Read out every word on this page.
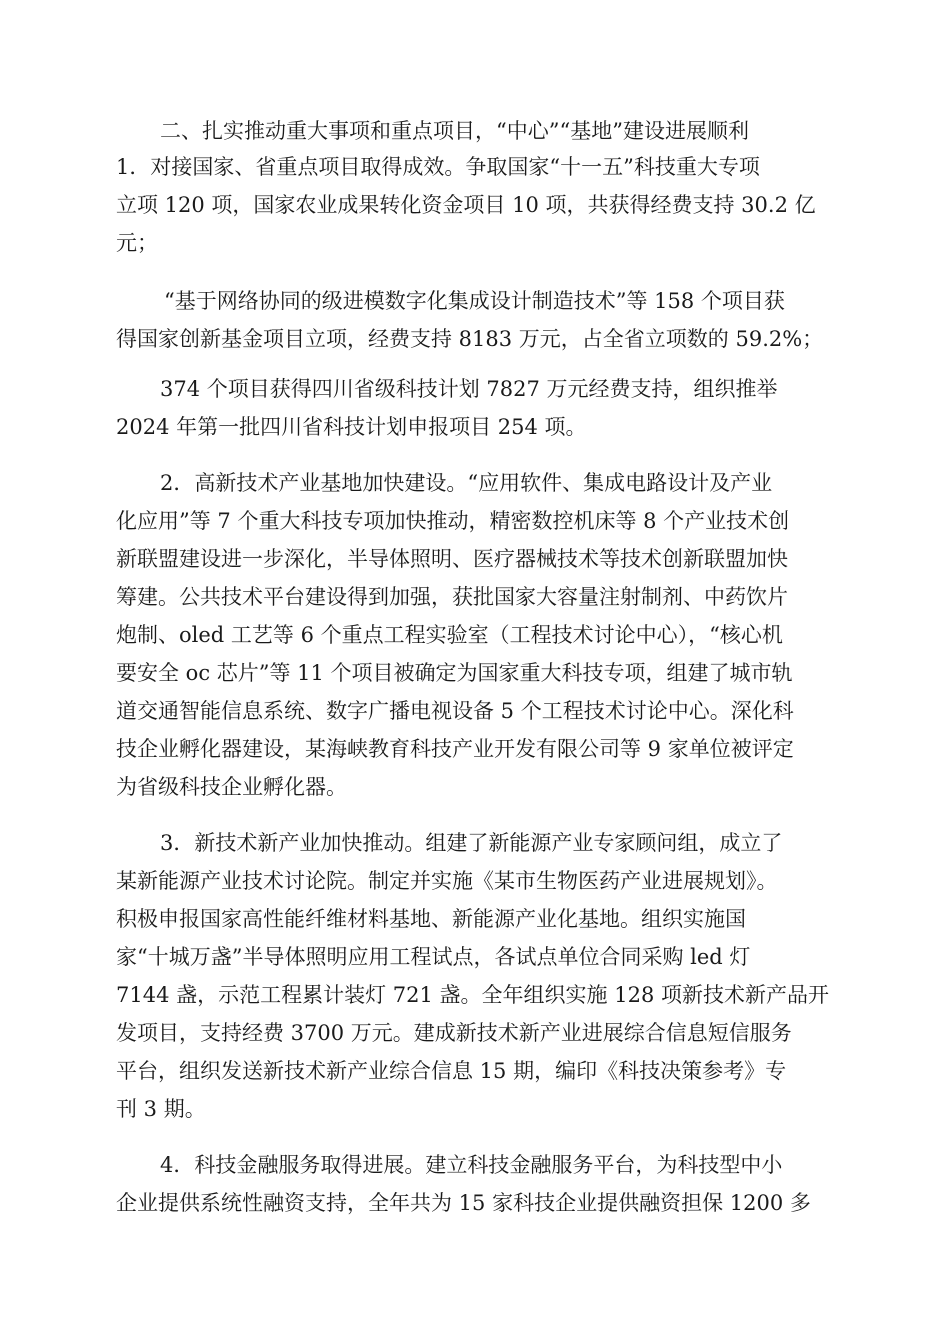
二、扎实推动重大事项和重点项目，“中心”“基地”建设进展顺利
1．对接国家、省重点项目取得成效。争取国家“十一五”科技重大专项
立项 120 项，国家农业成果转化资金项目 10 项，共获得经费支持 30.2 亿
元；
“基于网络协同的级进模数字化集成设计制造技术”等 158 个项目获
得国家创新基金项目立项，经费支持 8183 万元，占全省立项数的 59.2%；
374 个项目获得四川省级科技计划 7827 万元经费支持，组织推举
2024 年第一批四川省科技计划申报项目 254 项。
2．高新技术产业基地加快建设。“应用软件、集成电路设计及产业
化应用”等 7 个重大科技专项加快推动，精密数控机床等 8 个产业技术创
新联盟建设进一步深化，半导体照明、医疗器械技术等技术创新联盟加快
筹建。公共技术平台建设得到加强，获批国家大容量注射制剂、中药饮片
炮制、oled 工艺等 6 个重点工程实验室（工程技术讨论中心），“核心机
要安全 oc 芯片”等 11 个项目被确定为国家重大科技专项，组建了城市轨
道交通智能信息系统、数字广播电视设备 5 个工程技术讨论中心。深化科
技企业孵化器建设，某海峡教育科技产业开发有限公司等 9 家单位被评定
为省级科技企业孵化器。
3．新技术新产业加快推动。组建了新能源产业专家顾问组，成立了
某新能源产业技术讨论院。制定并实施《某市生物医药产业进展规划》。
积极申报国家高性能纤维材料基地、新能源产业化基地。组织实施国
家“十城万盏”半导体照明应用工程试点，各试点单位合同采购 led 灯
7144 盏，示范工程累计装灯 721 盏。全年组织实施 128 项新技术新产品开
发项目，支持经费 3700 万元。建成新技术新产业进展综合信息短信服务
平台，组织发送新技术新产业综合信息 15 期，编印《科技决策参考》专
刊 3 期。
4．科技金融服务取得进展。建立科技金融服务平台，为科技型中小
企业提供系统性融资支持，全年共为 15 家科技企业提供融资担保 1200 多
